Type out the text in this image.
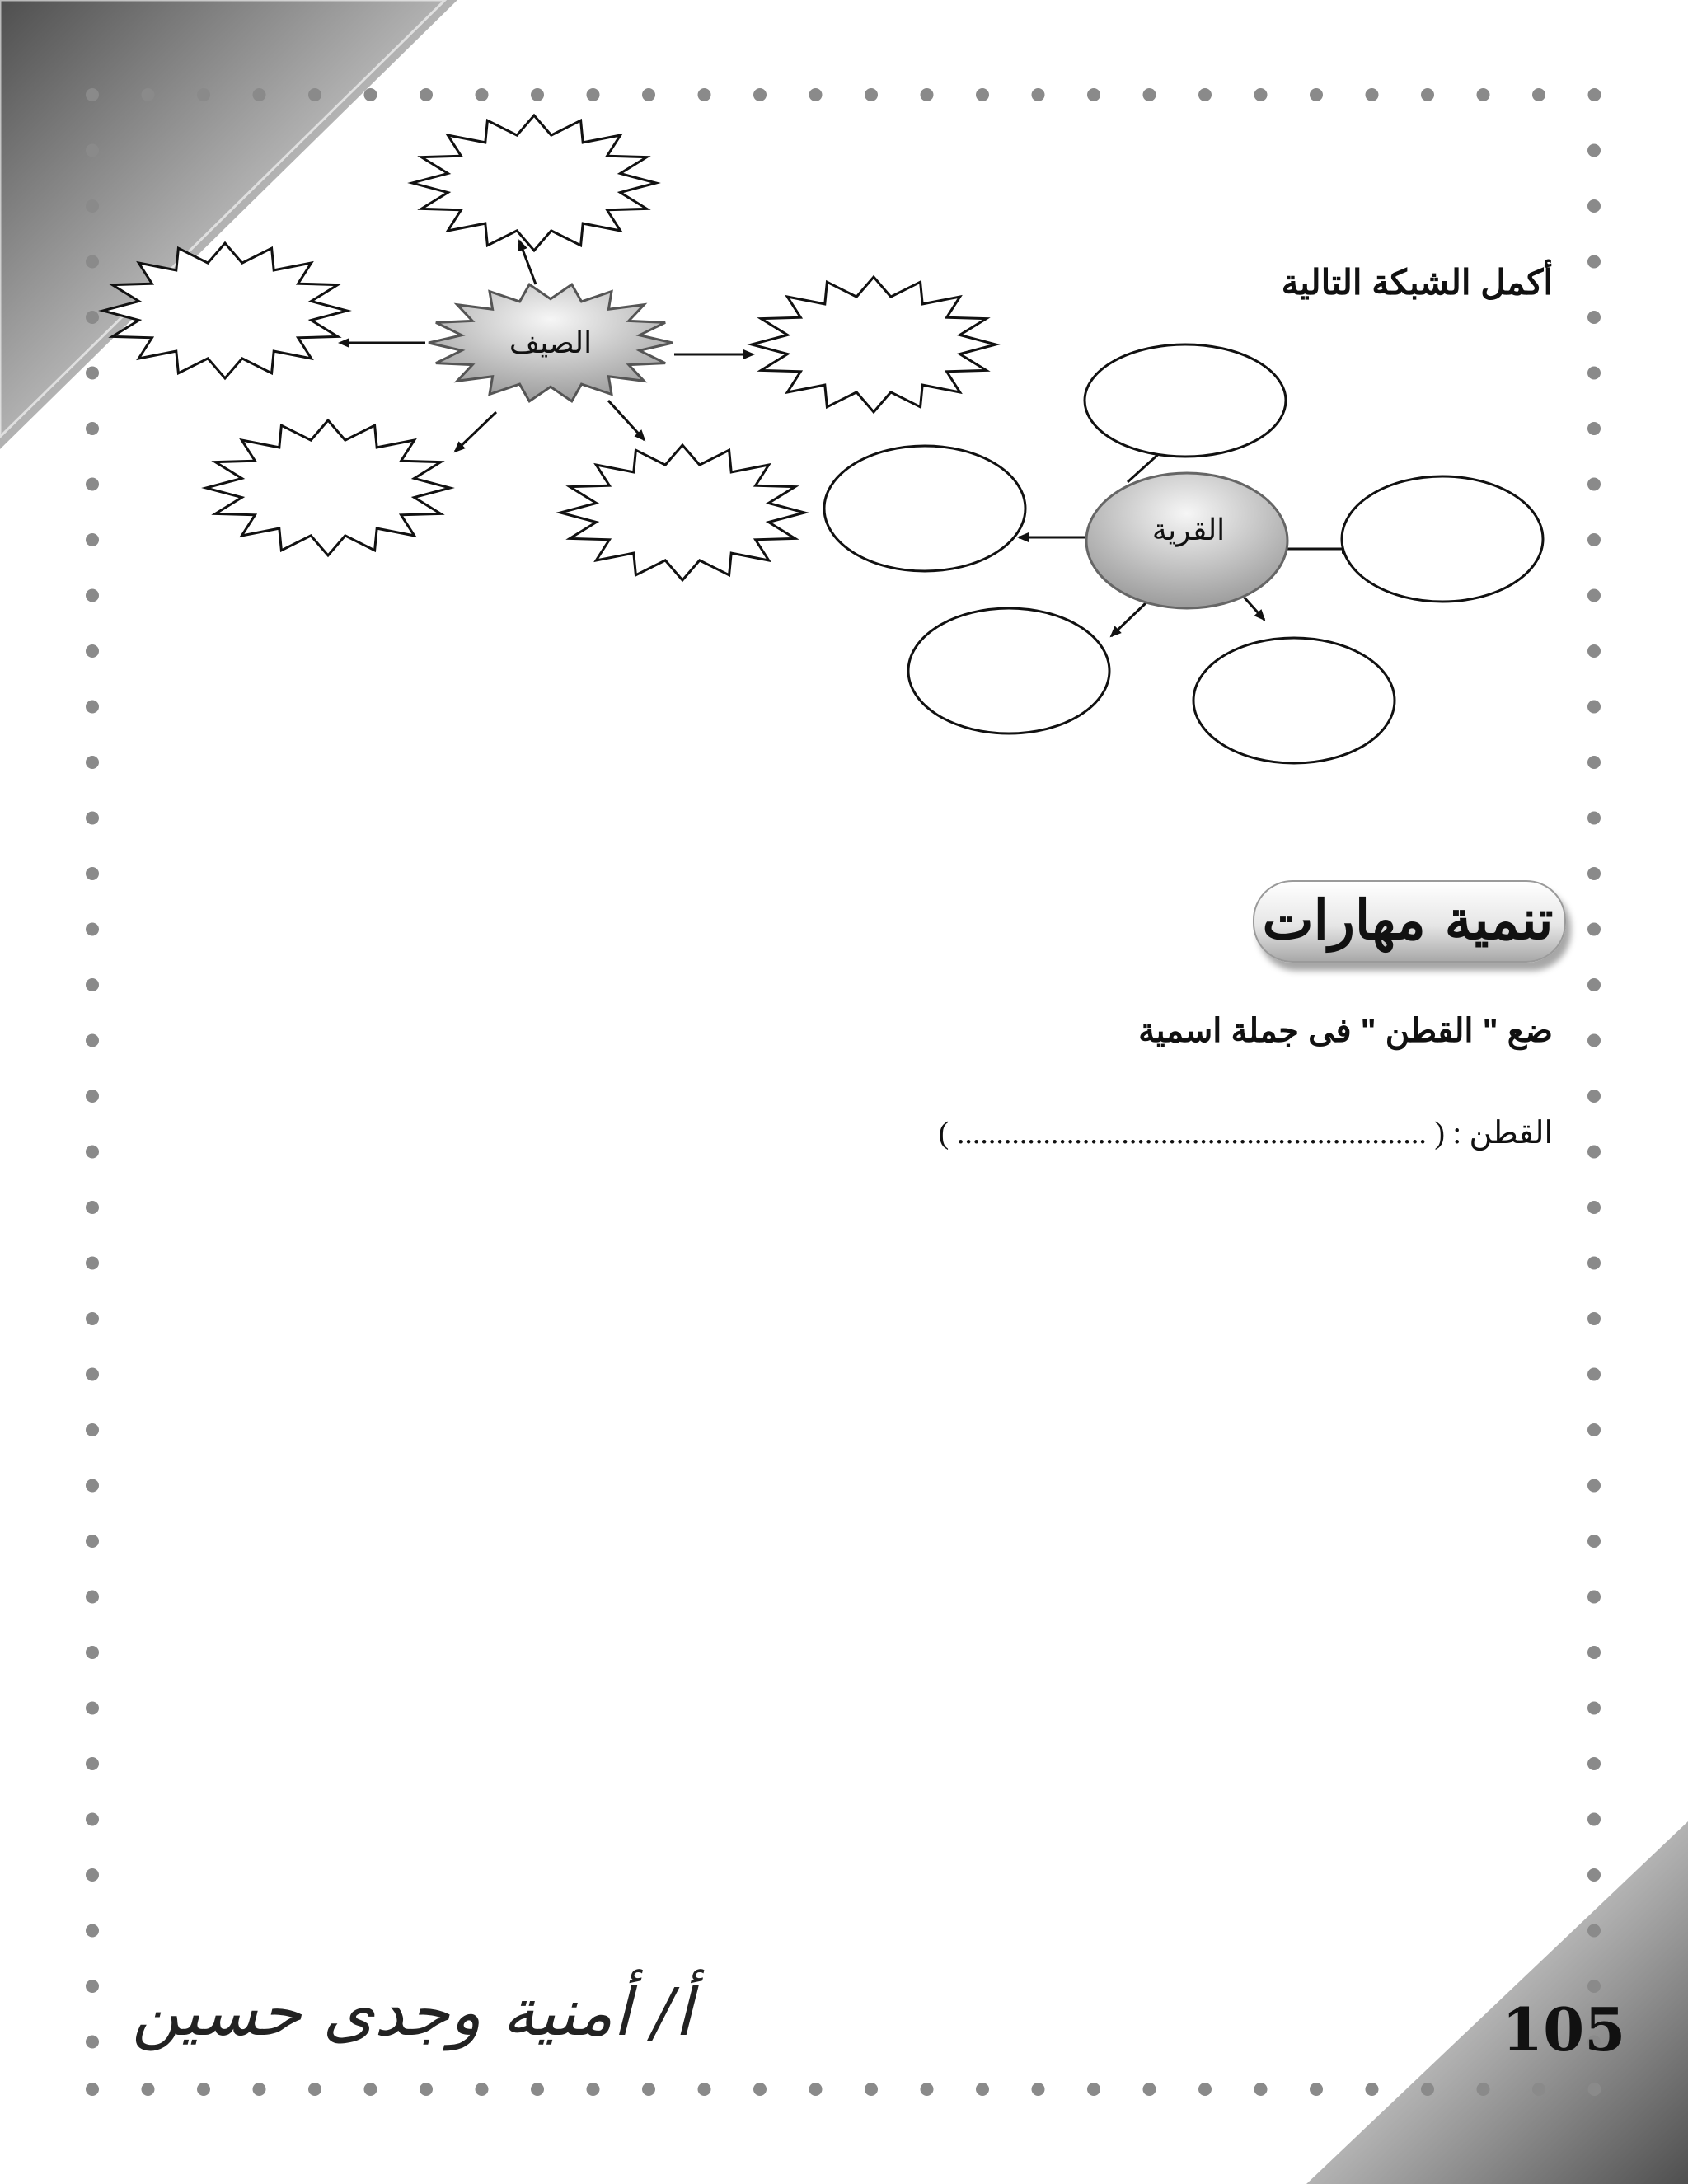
الصيف
القرية
أكمل الشبكة التالية
تنمية مهارات
ضع " القطن " فى جملة اسمية
القطن : ( ............................................................ )
105
أ/ أمنية وجدى حسين
